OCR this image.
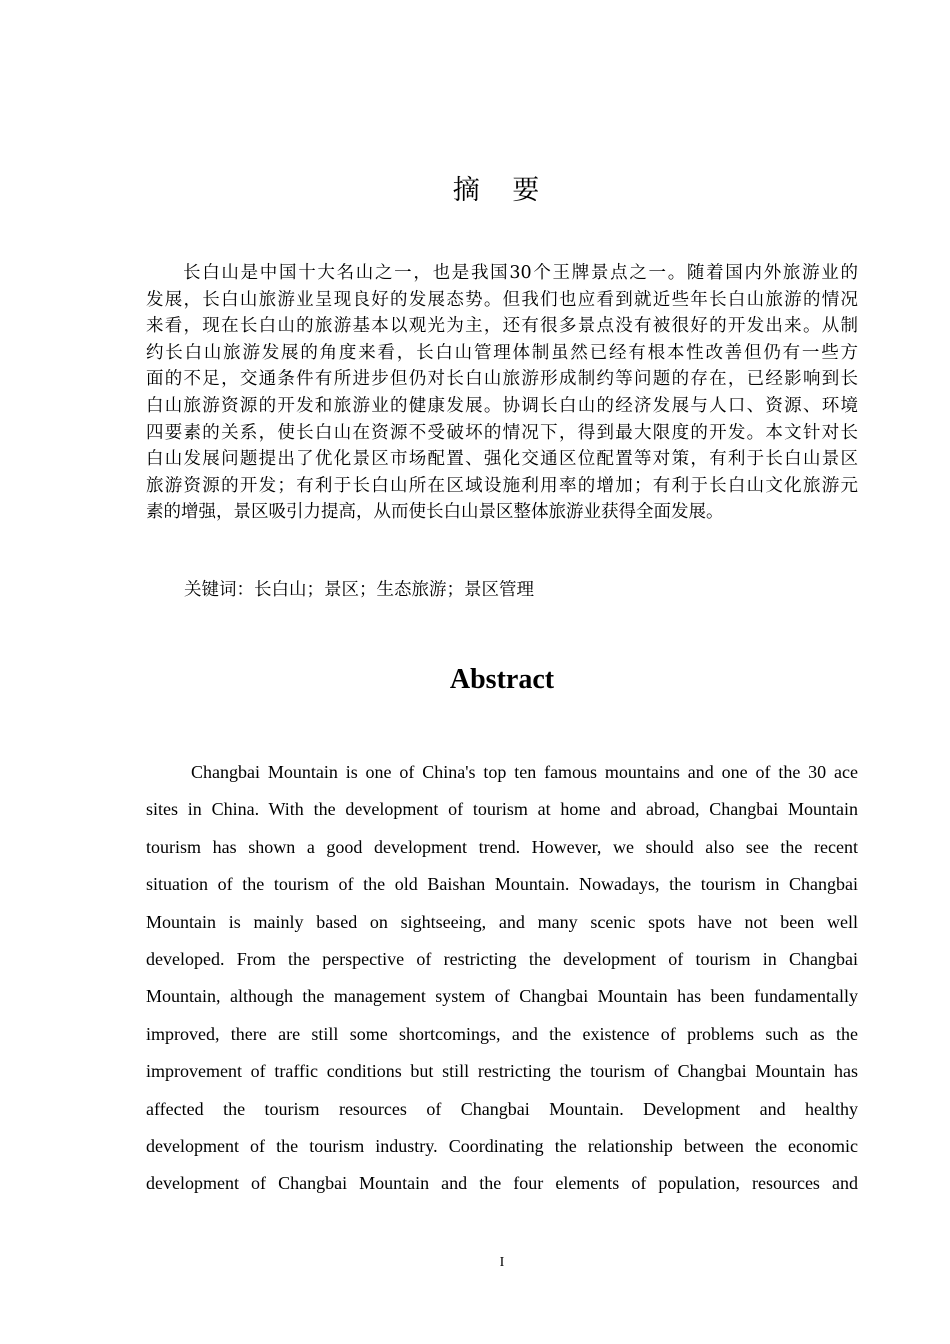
摘 要
长白山是中国十大名山之一，也是我国30个王牌景点之一。随着国内外旅游业的
发展，长白山旅游业呈现良好的发展态势。但我们也应看到就近些年长白山旅游的情况
来看，现在长白山的旅游基本以观光为主，还有很多景点没有被很好的开发出来。从制
约长白山旅游发展的角度来看，长白山管理体制虽然已经有根本性改善但仍有一些方
面的不足，交通条件有所进步但仍对长白山旅游形成制约等问题的存在，已经影响到长
白山旅游资源的开发和旅游业的健康发展。协调长白山的经济发展与人口、资源、环境
四要素的关系，使长白山在资源不受破坏的情况下，得到最大限度的开发。本文针对长
白山发展问题提出了优化景区市场配置、强化交通区位配置等对策，有利于长白山景区
旅游资源的开发；有利于长白山所在区域设施利用率的增加；有利于长白山文化旅游元
素的增强，景区吸引力提高，从而使长白山景区整体旅游业获得全面发展。
关键词：长白山；景区；生态旅游；景区管理
Abstract
Changbai Mountain is one of China's top ten famous mountains and one of the 30 ace
sites in China. With the development of tourism at home and abroad, Changbai Mountain
tourism has shown a good development trend. However, we should also see the recent
situation of the tourism of the old Baishan Mountain. Nowadays, the tourism in Changbai
Mountain is mainly based on sightseeing, and many scenic spots have not been well
developed. From the perspective of restricting the development of tourism in Changbai
Mountain, although the management system of Changbai Mountain has been fundamentally
improved, there are still some shortcomings, and the existence of problems such as the
improvement of traffic conditions but still restricting the tourism of Changbai Mountain has
affected the tourism resources of Changbai Mountain. Development and healthy
development of the tourism industry. Coordinating the relationship between the economic
development of Changbai Mountain and the four elements of population, resources and
I
